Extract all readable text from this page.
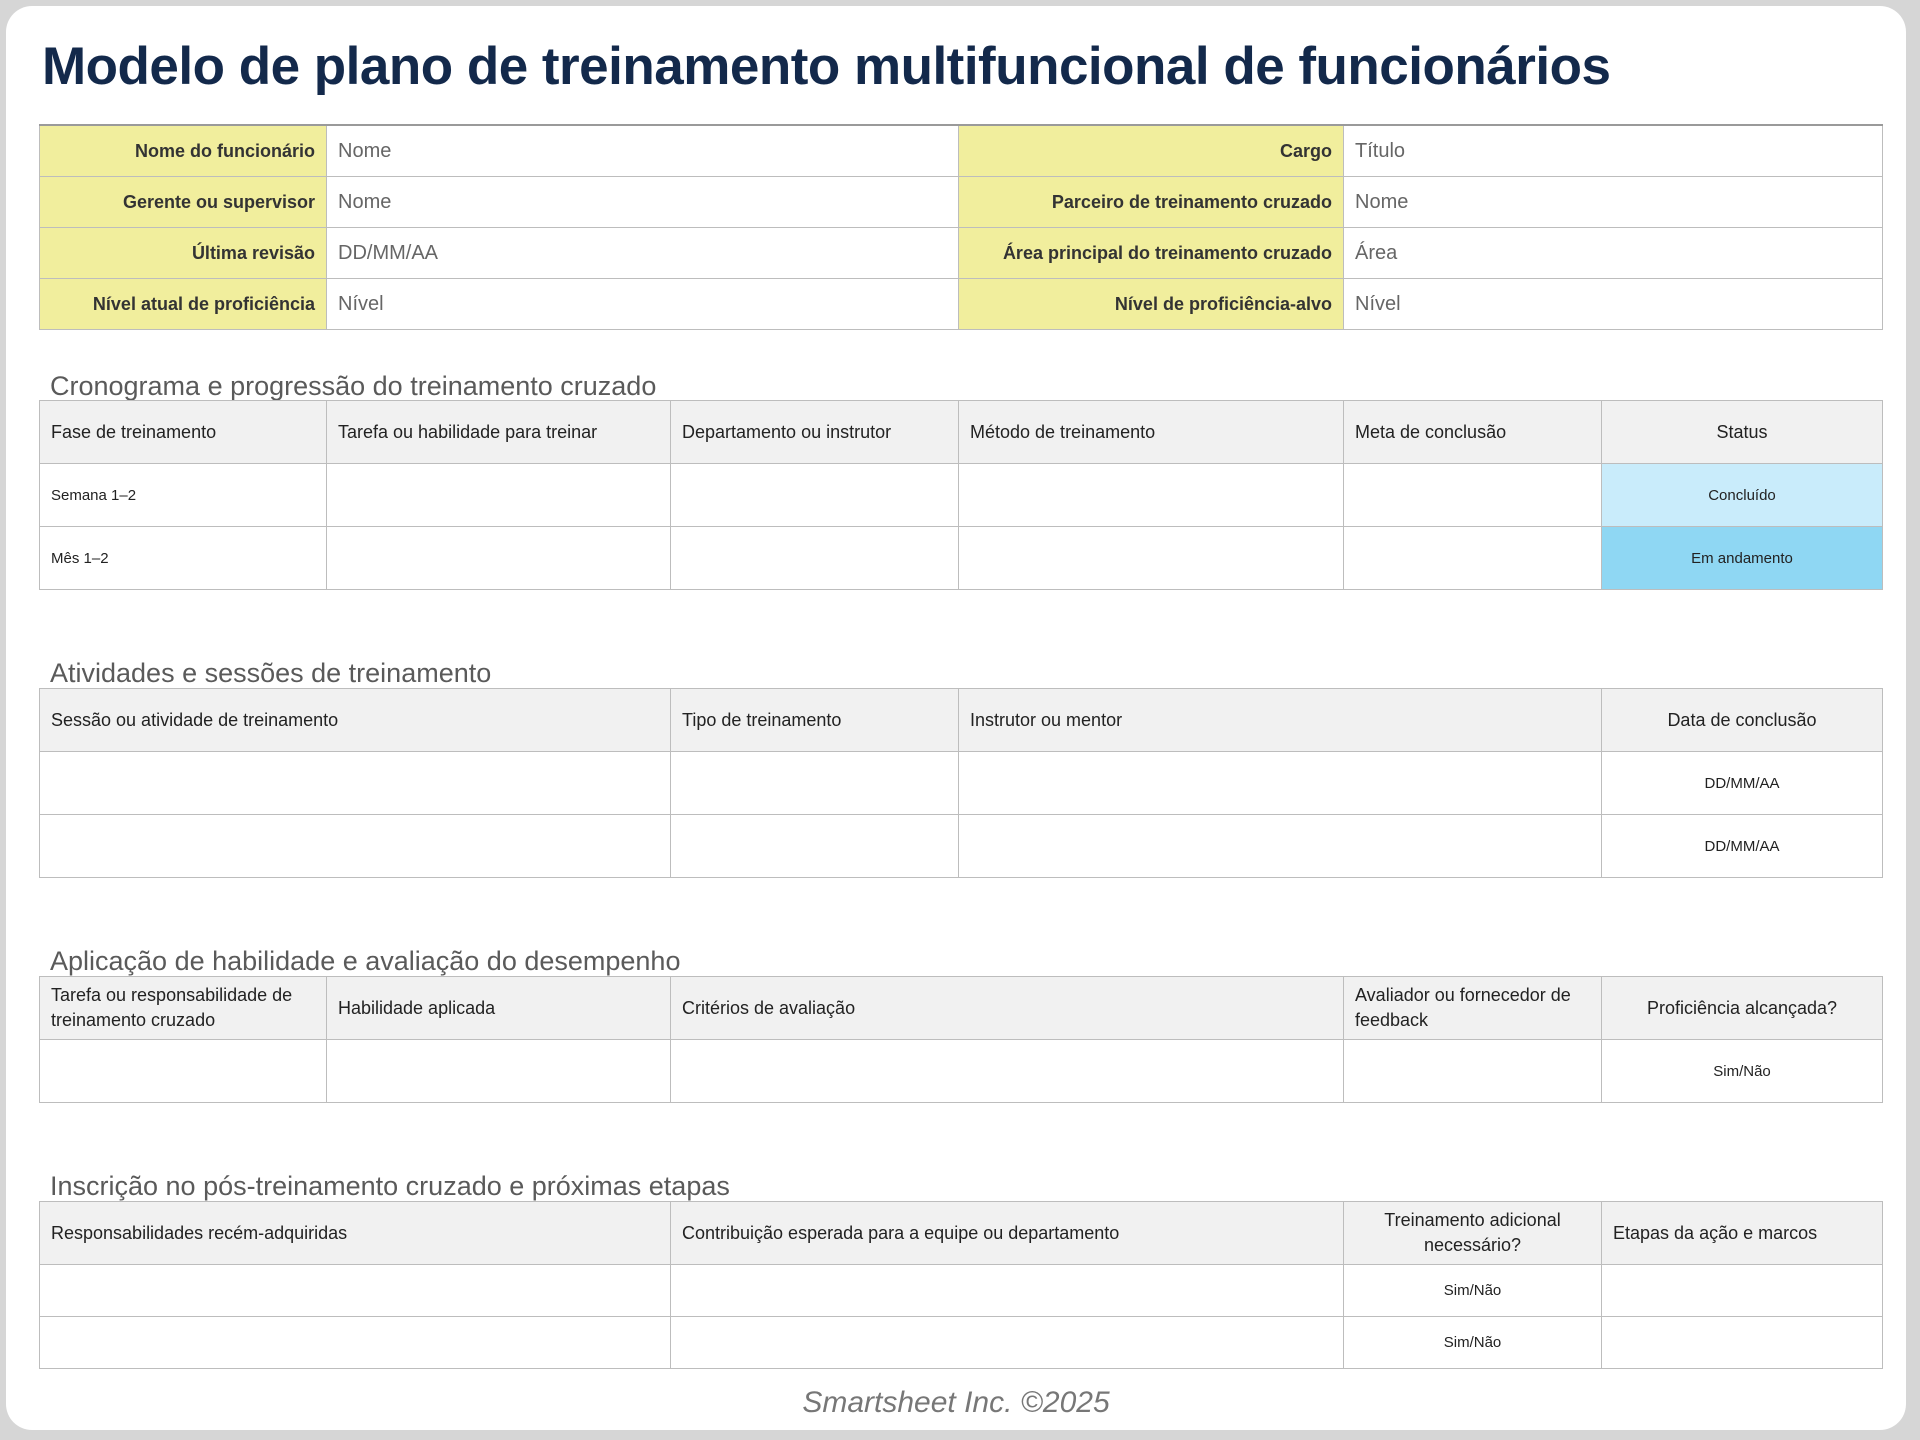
Modelo de plano de treinamento multifuncional de funcionários
Nome do funcionário	Nome	Cargo	Título
Gerente ou supervisor	Nome	Parceiro de treinamento cruzado	Nome
Última revisão	DD/MM/AA	Área principal do treinamento cruzado	Área
Nível atual de proficiência	Nível	Nível de proficiência-alvo	Nível
Cronograma e progressão do treinamento cruzado
Fase de treinamento	Tarefa ou habilidade para treinar	Departamento ou instrutor	Método de treinamento	Meta de conclusão	Status
Semana 1–2					Concluído
Mês 1–2					Em andamento
Atividades e sessões de treinamento
Sessão ou atividade de treinamento	Tipo de treinamento	Instrutor ou mentor	Data de conclusão
			DD/MM/AA
			DD/MM/AA
Aplicação de habilidade e avaliação do desempenho
Tarefa ou responsabilidade de treinamento cruzado	Habilidade aplicada	Critérios de avaliação	Avaliador ou fornecedor de feedback	Proficiência alcançada?
				Sim/Não
Inscrição no pós-treinamento cruzado e próximas etapas
Responsabilidades recém-adquiridas	Contribuição esperada para a equipe ou departamento	Treinamento adicional necessário?	Etapas da ação e marcos
		Sim/Não	
		Sim/Não	
Smartsheet Inc. ©2025
